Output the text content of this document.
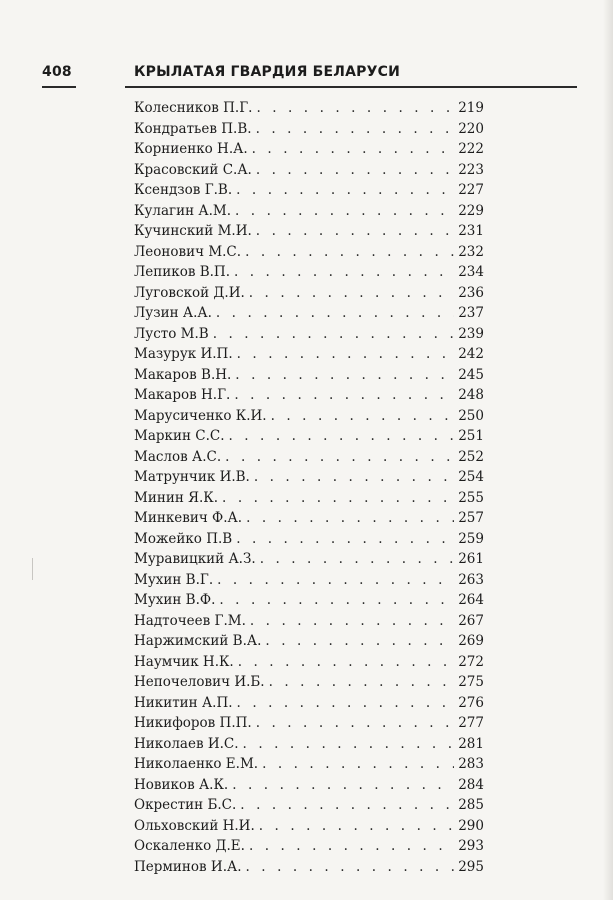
408	КРЫЛАТАЯ ГВАРДИЯ БЕЛАРУСИ
Колесников П.Г. . . .	219
Кондратьев П.В. . . .	220
Корниенко Н.А. . . .	222
Красовский С.А. . . .	223
Ксендзов Г.В. . . .	227
Кулагин А.М. . . .	229
Кучинский М.И. . . .	231
Леонович М.С. . . .	232
Лепиков В.П. . . .	234
Луговской Д.И. . . .	236
Лузин А.А. . . .	237
Лусто М.В . . .	239
Мазурук И.П. . . .	242
Макаров В.Н. . . .	245
Макаров Н.Г. . . .	248
Марусиченко К.И. . . .	250
Маркин С.С. . . .	251
Маслов А.С. . . .	252
Матрунчик И.В. . . .	254
Минин Я.К. . . .	255
Минкевич Ф.А. . . .	257
Можейко П.В . . .	259
Муравицкий А.З. . . .	261
Мухин В.Г. . . .	263
Мухин В.Ф. . . .	264
Надточеев Г.М. . . .	267
Наржимский В.А. . . .	269
Наумчик Н.К. . . .	272
Непочелович И.Б. . . .	275
Никитин А.П. . . .	276
Никифоров П.П. . . .	277
Николаев И.С. . . .	281
Николаенко Е.М. . . .	283
Новиков А.К. . . .	284
Окрестин Б.С. . . .	285
Ольховский Н.И. . . .	290
Оскаленко Д.Е. . . .	293
Перминов И.А. . . .	295
